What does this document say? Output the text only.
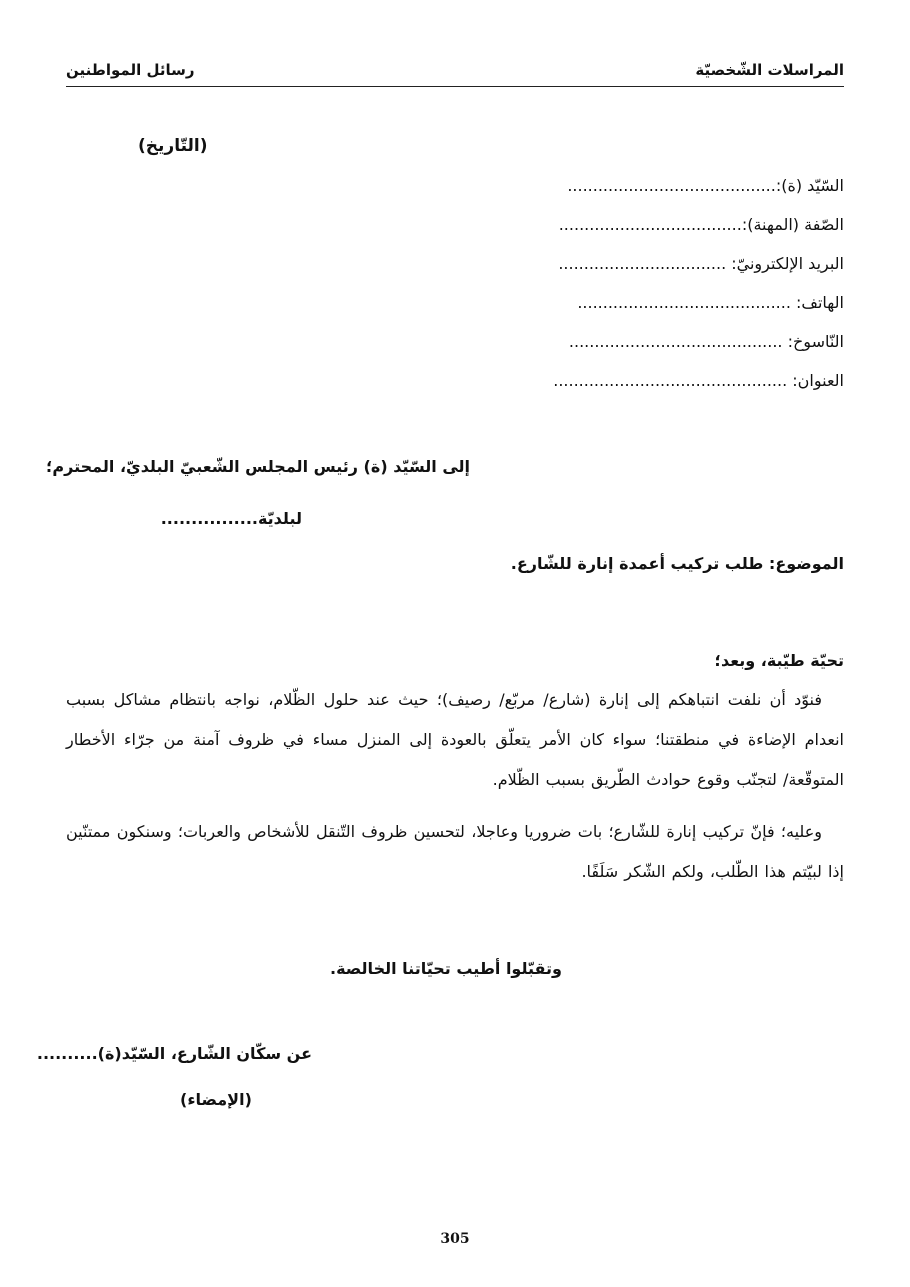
المراسلات الشّخصيّة
رسائل المواطنين
(التّاريخ)
السّيّد (ة):.........................................
الصّفة (المهنة):....................................
البريد الإلكترونيّ: .................................
الهاتف: ..........................................
النّاسوخ: ..........................................
العنوان: ..............................................
إلى السّيّد (ة) رئيس المجلس الشّعبيّ البلديّ، المحترم؛
لبلديّة................
الموضوع: طلب تركيب أعمدة إنارة للشّارع.
تحيّة طيّبة، وبعد؛
فنوّد أن نلفت انتباهكم إلى إنارة (شارع/ مربّع/ رصيف)؛ حيث عند حلول الظّلام، نواجه بانتظام مشاكل بسبب انعدام الإضاءة في منطقتنا؛ سواء كان الأمر يتعلّق بالعودة إلى المنزل مساء في ظروف آمنة من جرّاء الأخطار المتوقّعة/ لتجنّب وقوع حوادث الطّريق بسبب الظّلام.
وعليه؛ فإنّ تركيب إنارة للشّارع؛ بات ضروريا وعاجلا، لتحسين ظروف التّنقل للأشخاص والعربات؛ وسنكون ممتنّين إذا لبيّتم هذا الطّلب، ولكم الشّكر سَلَفًا.
وتقبّلوا أطيب تحيّاتنا الخالصة.
عن سكّان الشّارع، السّيّد(ة)..........
(الإمضاء)
305
